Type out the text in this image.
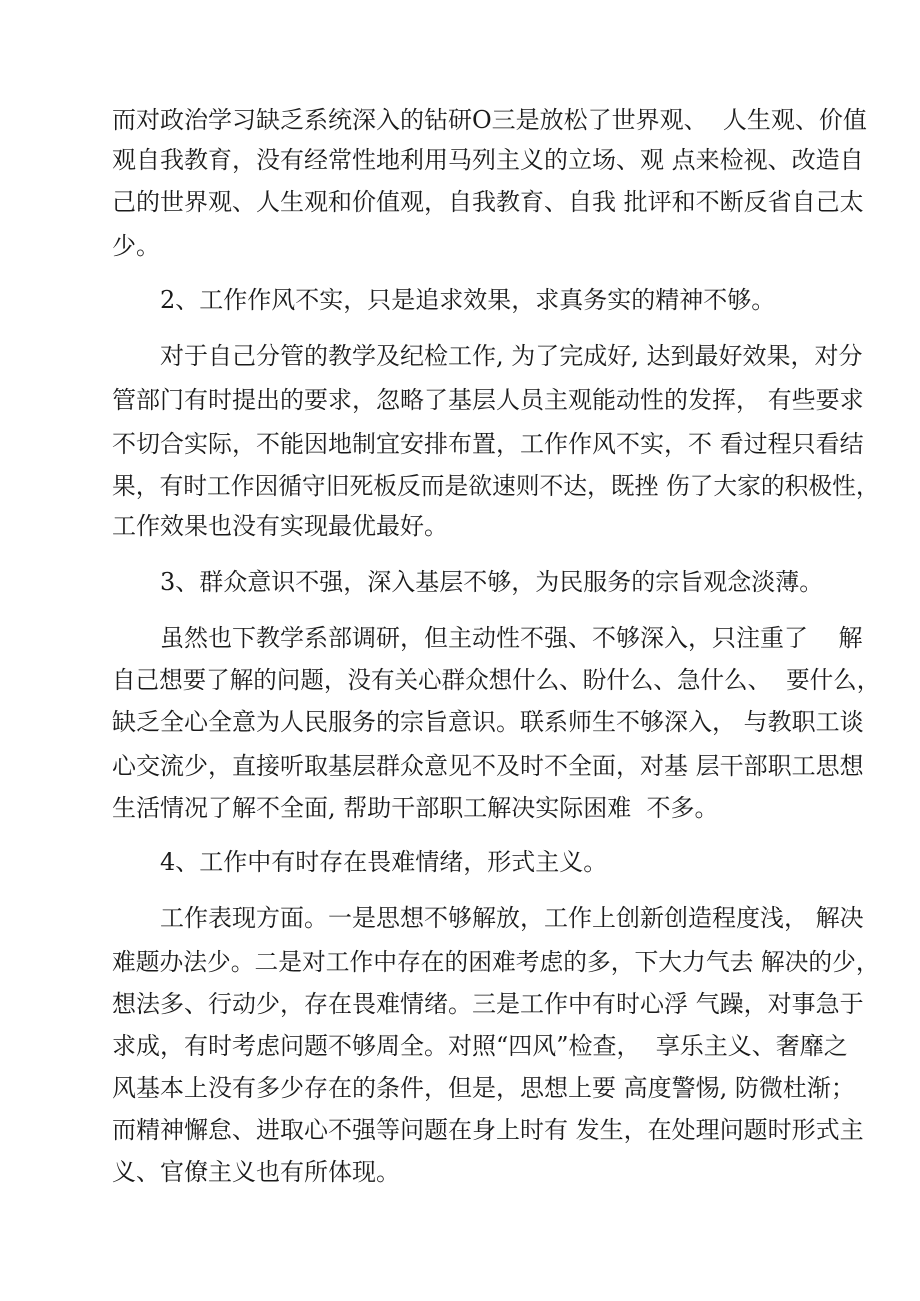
而对政治学习缺乏系统深入的钻研O三是放松了世界观、  人生观、价值
观自我教育，没有经常性地利用马列主义的立场、观 点来检视、改造自
己的世界观、人生观和价值观，自我教育、自我 批评和不断反省自己太
少。
2、工作作风不实，只是追求效果，求真务实的精神不够。
对于自己分管的教学及纪检工作, 为了完成好, 达到最好效果，对分
管部门有时提出的要求，忽略了基层人员主观能动性的发挥， 有些要求
不切合实际，不能因地制宜安排布置，工作作风不实，不 看过程只看结
果，有时工作因循守旧死板反而是欲速则不达，既挫 伤了大家的积极性，
工作效果也没有实现最优最好。
3、群众意识不强，深入基层不够，为民服务的宗旨观念淡薄。
虽然也下教学系部调研，但主动性不强、不够深入，只注重了    解
自己想要了解的问题，没有关心群众想什么、盼什么、急什么、  要什么，
缺乏全心全意为人民服务的宗旨意识。联系师生不够深入， 与教职工谈
心交流少，直接听取基层群众意见不及时不全面，对基 层干部职工思想
生活情况了解不全面, 帮助干部职工解决实际困难  不多。
4、工作中有时存在畏难情绪，形式主义。
工作表现方面。一是思想不够解放，工作上创新创造程度浅， 解决
难题办法少。二是对工作中存在的困难考虑的多，下大力气去 解决的少，
想法多、行动少，存在畏难情绪。三是工作中有时心浮 气躁，对事急于
求成，有时考虑问题不够周全。对照“四风”检查，  享乐主义、奢靡之
风基本上没有多少存在的条件，但是，思想上要 高度警惕, 防微杜渐；
而精神懈怠、进取心不强等问题在身上时有 发生，在处理问题时形式主
义、官僚主义也有所体现。
